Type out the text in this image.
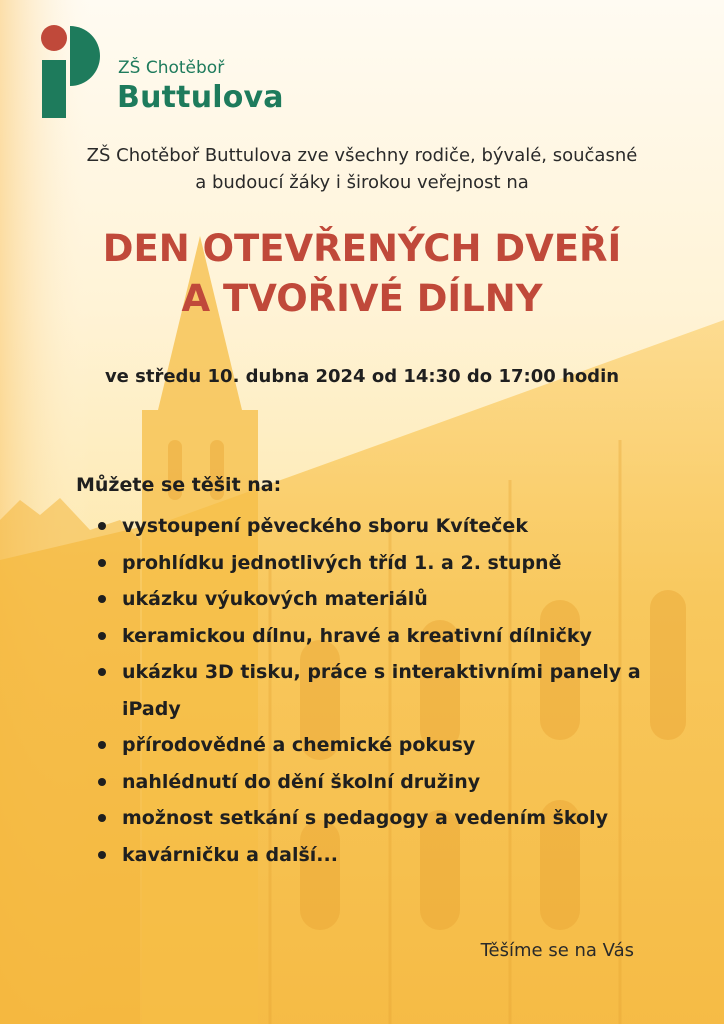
ZŠ Chotěboř
Buttulova
ZŠ Chotěboř Buttulova zve všechny rodiče, bývalé, současné
a budoucí žáky i širokou veřejnost na
DEN OTEVŘENÝCH DVEŘÍ
A TVOŘIVÉ DÍLNY
ve středu 10. dubna 2024 od 14:30 do 17:00 hodin
Můžete se těšit na:
vystoupení pěveckého sboru Kvíteček
prohlídku jednotlivých tříd 1. a 2. stupně
ukázku výukových materiálů
keramickou dílnu, hravé a kreativní dílničky
ukázku 3D tisku, práce s interaktivními panely a iPady
přírodovědné a chemické pokusy
nahlédnutí do dění školní družiny
možnost setkání s pedagogy a vedením školy
kavárničku a další...
Těšíme se na Vás
